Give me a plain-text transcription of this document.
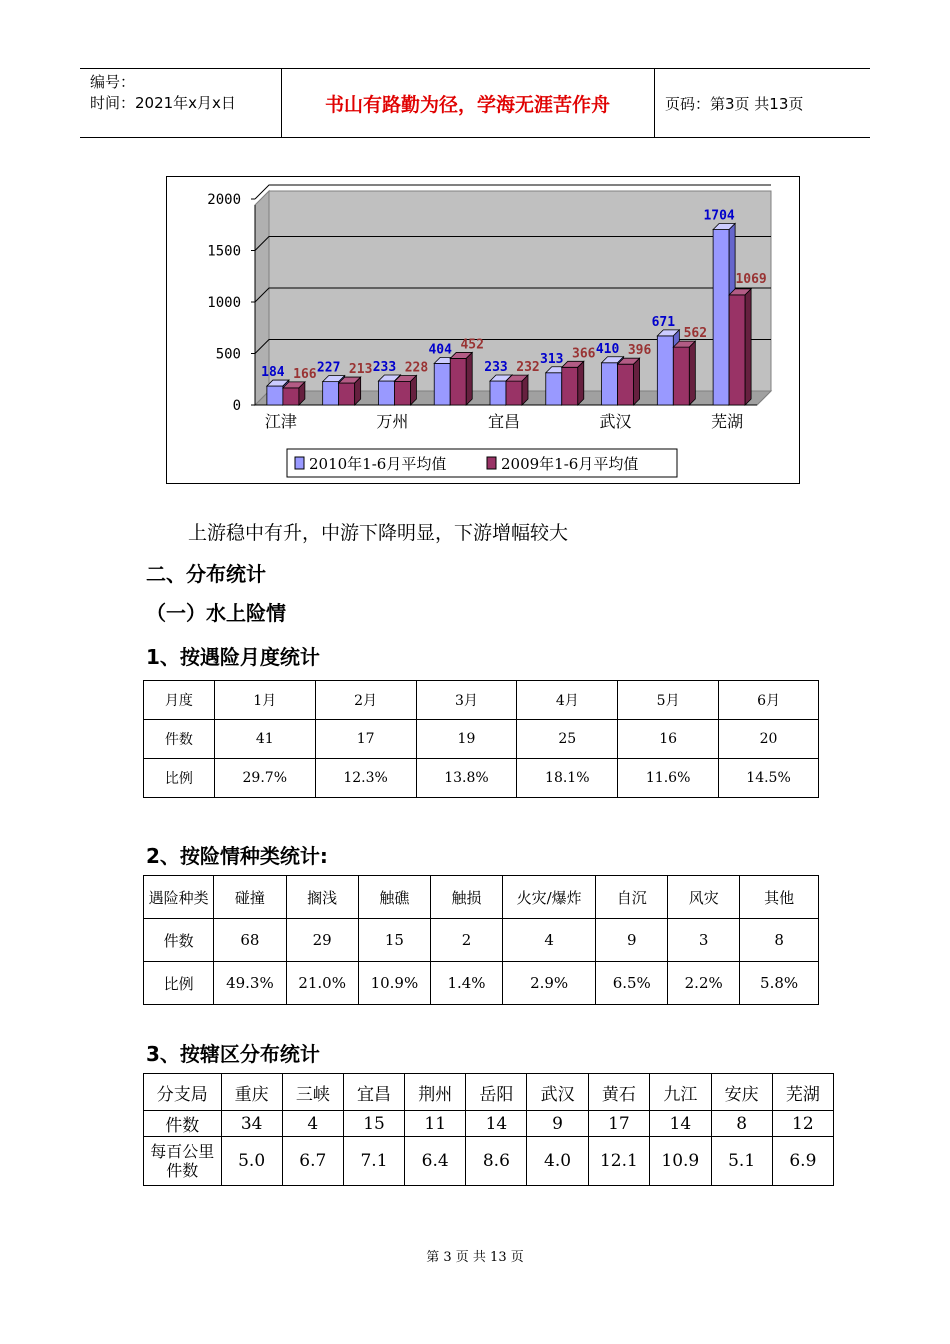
编号：
时间：2021年x月x日	书山有路勤为径，学海无涯苦作舟	页码：第3页 共13页
0
500
1000
1500
2000
184 166 227 213 233 228
404 452
233 232
313 366 410 396
671
562
1704
1069
江津	万州	宜昌	武汉	芜湖
2010年1-6月平均值	2009年1-6月平均值
上游稳中有升，中游下降明显，下游增幅较大
二、分布统计
（一）水上险情
1、按遇险月度统计
月度	1月	2月	3月	4月	5月	6月
件数	41	17	19	25	16	20
比例	29.7%	12.3%	13.8%	18.1%	11.6%	14.5%
2、按险情种类统计:
遇险种类	碰撞	搁浅	触礁	触损	火灾/爆炸	自沉	风灾	其他
件数	68	29	15	2	4	9	3	8
比例	49.3%	21.0%	10.9%	1.4%	2.9%	6.5%	2.2%	5.8%
3、按辖区分布统计
分支局	重庆	三峡	宜昌	荆州	岳阳	武汉	黄石	九江	安庆	芜湖
件数	34	4	15	11	14	9	17	14	8	12

每百公里
件数	5.0	6.7	7.1	6.4	8.6	4.0	12.1	10.9	5.1	6.9
第 3 页 共 13 页
